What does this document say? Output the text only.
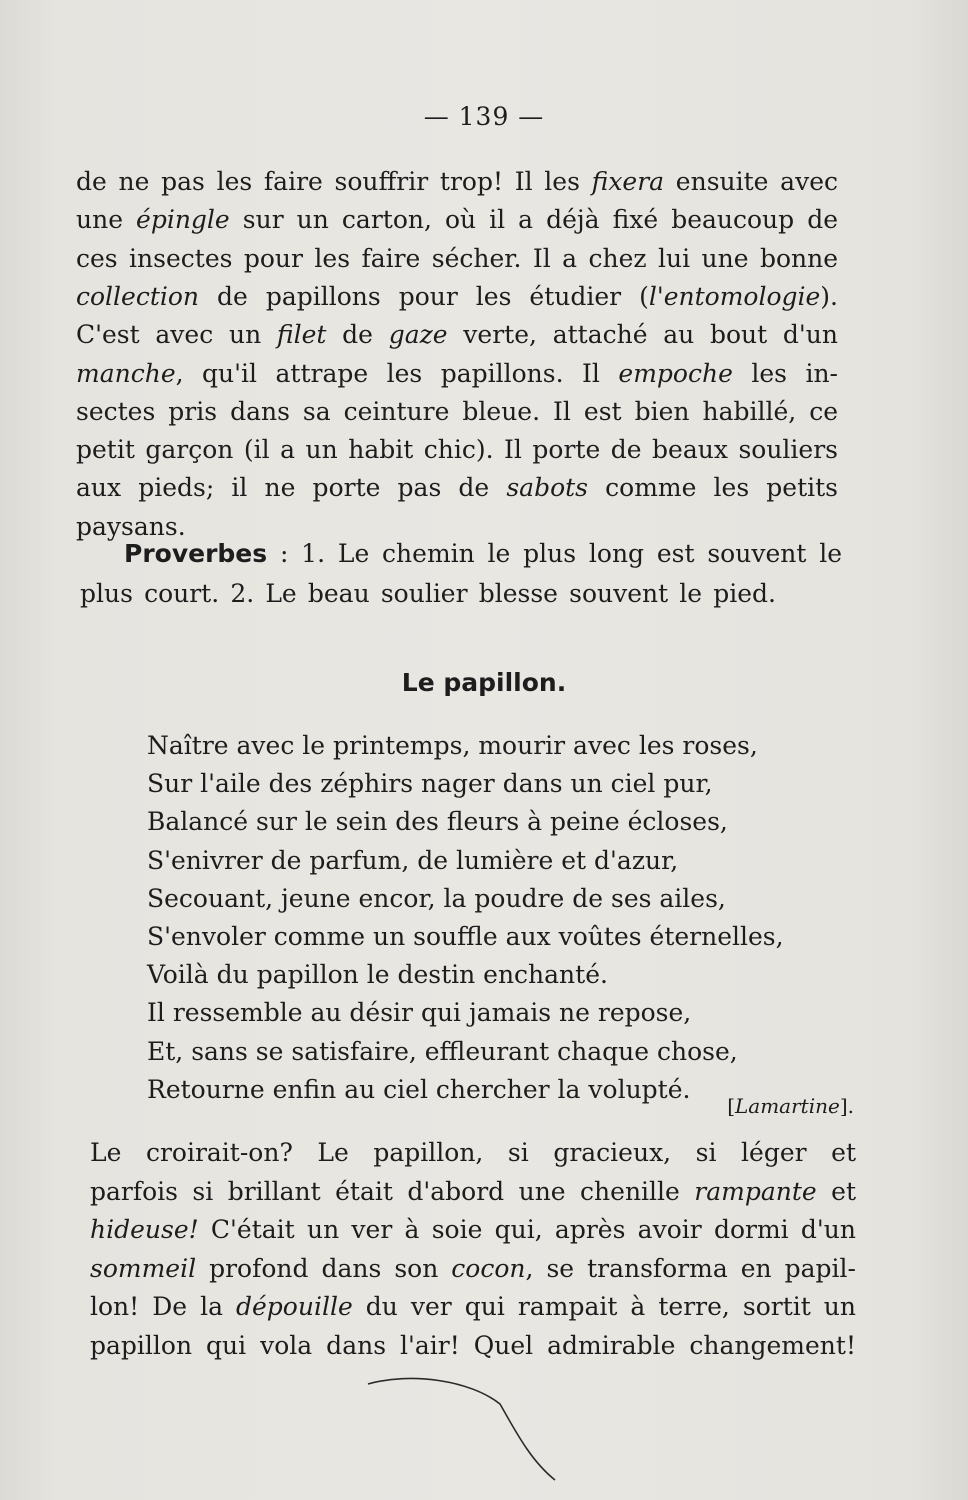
— 139 —
de ne pas les faire souffrir trop! Il les fixera ensuite avec
une épingle sur un carton, où il a déjà fixé beaucoup de
ces insectes pour les faire sécher. Il a chez lui une bonne
collection de papillons pour les étudier (l'entomologie).
C'est avec un filet de gaze verte, attaché au bout d'un
manche, qu'il attrape les papillons. Il empoche les in-
sectes pris dans sa ceinture bleue. Il est bien habillé, ce
petit garçon (il a un habit chic). Il porte de beaux souliers
aux pieds; il ne porte pas de sabots comme les petits
paysans.
Proverbes : 1. Le chemin le plus long est souvent le
plus court. 2. Le beau soulier blesse souvent le pied.
Le papillon.
Naître avec le printemps, mourir avec les roses,
Sur l'aile des zéphirs nager dans un ciel pur,
Balancé sur le sein des fleurs à peine écloses,
S'enivrer de parfum, de lumière et d'azur,
Secouant, jeune encor, la poudre de ses ailes,
S'envoler comme un souffle aux voûtes éternelles,
Voilà du papillon le destin enchanté.
Il ressemble au désir qui jamais ne repose,
Et, sans se satisfaire, effleurant chaque chose,
Retourne enfin au ciel chercher la volupté.
[Lamartine].
Le croirait-on? Le papillon, si gracieux, si léger et
parfois si brillant était d'abord une chenille rampante et
hideuse! C'était un ver à soie qui, après avoir dormi d'un
sommeil profond dans son cocon, se transforma en papil-
lon! De la dépouille du ver qui rampait à terre, sortit un
papillon qui vola dans l'air! Quel admirable changement!
